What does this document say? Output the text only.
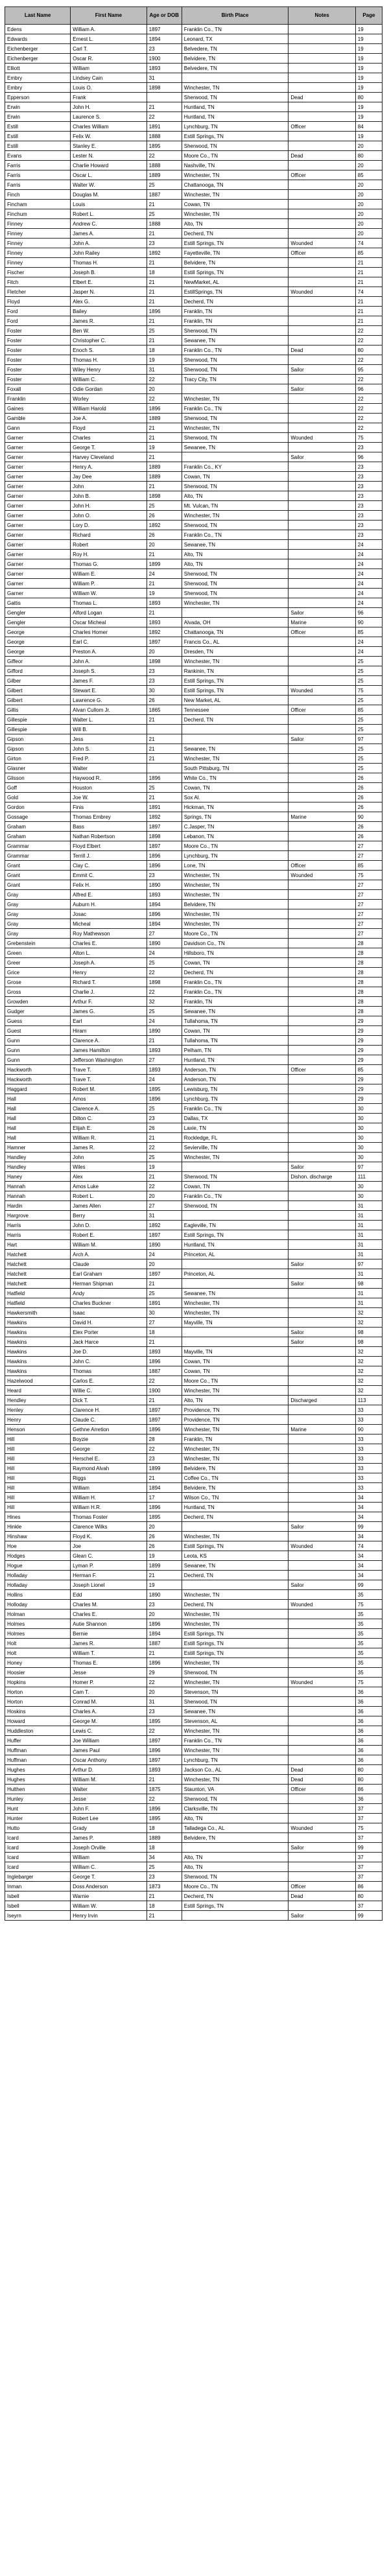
Last Name	First Name	Age or DOB	Birth Place	Notes	Page
Edens	William A.	1897	Franklin Co., TN		19
Edwards	Ernest L.	1894	Leonard, TX		19
Eichenberger	Carl T.	23	Belvedere, TN		19
Eichenberger	Oscar R.	1900	Belvidere, TN		19
Elliott	William	1893	Belvedere, TN		19
Embry	Lindsey Cain	31			19
Embry	Louis O.	1898	Winchester, TN		19
Epperson	Frank		Sherwood, TN	Dead	80
Erwin	John H.	21	Huntland, TN		19
Erwin	Laurence S.	22	Huntland, TN		19
Estill	Charles William	1891	Lynchburg, TN	Officer	84
Estill	Felix W.	1888	Estill Springs, TN		19
Estill	Stanley E.	1895	Sherwood, TN		20
Evans	Lester N.	22	Moore Co., TN	Dead	80
Farris	Charlie Howard	1888	Nashville, TN		20
Farris	Oscar L.	1889	Winchester, TN	Officer	85
Farris	Walter W.	25	Chattanooga, TN		20
Finch	Douglas M.	1887	Winchester, TN		20
Fincham	Louis	21	Cowan, TN		20
Finchum	Robert L.	25	Winchester, TN		20
Finney	Andrew C.	1888	Alto, TN		20
Finney	James A.	21	Decherd, TN		20
Finney	John A.	23	Estill Springs, TN	Wounded	74
Finney	John Railey	1892	Fayetteville, TN	Officer	85
Finney	Thomas H.	21	Belvidere, TN		21
Fischer	Joseph B.	18	Estill Springs, TN		21
Fitch	Elbert E.	21	NewMarket, AL		21
Fletcher	Jasper N.	21	EstillSprings, TN	Wounded	74
Floyd	Alex G.	21	Decherd, TN		21
Ford	Bailey	1896	Franklin, TN		21
Ford	James R.	21	Franklin, TN		21
Foster	Ben W.	25	Sherwood, TN		22
Foster	Christopher C.	21	Sewanee, TN		22
Foster	Enoch S.	18	Franklin Co., TN	Dead	80
Foster	Thomas H.	19	Sherwood, TN		22
Foster	Wiley Henry	31	Sherwood, TN	Sailor	95
Foster	William C.	22	Tracy City, TN		22
Foxall	Odie Gordan	20		Sailor	96
Franklin	Worley	22	Winchester, TN		22
Gaines	William Harold	1896	Franklin Co., TN		22
Gamble	Joe A.	1889	Sherwood, TN		22
Gann	Floyd	21	Winchester, TN		22
Garner	Charles	21	Sherwood, TN	Wounded	75
Garner	George T.	19	Sewanee, TN		23
Garner	Harvey Cleveland	21		Sailor	96
Garner	Henry A.	1889	Franklin Co., KY		23
Garner	Jay Dee	1889	Cowan, TN		23
Garner	John	21	Sherwood, TN		23
Garner	John B.	1898	Alto, TN		23
Garner	John H.	25	Mt. Vulcan, TN		23
Garner	John O.	26	Winchester, TN		23
Garner	Lory D.	1892	Sherwood, TN		23
Garner	Richard	26	Franklin Co., TN		23
Garner	Robert	20	Sewanee, TN		24
Garner	Roy H.	21	Alto, TN		24
Garner	Thomas G.	1899	Alto, TN		24
Garner	William E.	24	Sherwood, TN		24
Garner	William P.	21	Sherwood, TN		24
Garner	William W.	19	Sherwood, TN		24
Gattis	Thomas L.	1893	Winchester, TN		24
Gengler	Alford Logan	21		Sailor	96
Gengler	Oscar Micheal	1893	Alvada, OH	Marine	90
George	Charles Homer	1892	Chattanooga, TN	Officer	85
George	Earl C.	1897	Francis Co., AL		24
George	Preston A.	20	Dresden, TN		24
Giffeor	John A.	1898	Winchester, TN		25
Gifford	Joseph S.	23	Rankinin, TN		25
Gilber	James F.	23	Estill Springs, TN		25
Gilbert	Stewart E.	30	Estill Springs, TN	Wounded	75
Gilbert	Lawrence G.	26	New Market, AL		25
Gillis	Alvan Cullom Jr.	1865	Tennessee	Officer	85
Gillespie	Walter L.	21	Decherd, TN		25
Gillespie	Will B.				25
Gipson	Jess	21		Sailor	97
Gipson	John S.	21	Sewanee, TN		25
Girton	Fred P.	21	Winchester, TN		25
Glasner	Walter		South Pittsburg, TN		25
Glisson	Haywood R.	1896	White Co., TN		26
Goff	Houston	25	Cowan, TN		26
Gold	Joe W.	21	Sox Al.		26
Gordon	Finis	1891	Hickman, TN		26
Gossage	Thomas Embrey	1892	Springs, TN	Marine	90
Graham	Bass	1897	C.Jasper, TN		26
Graham	Nathan Robertson	1898	Lebanon, TN		26
Grammar	Floyd Elbert	1897	Moore Co., TN		27
Grammar	Terrill J.	1896	Lynchburg, TN		27
Grant	Clay C.	1896	Lone, TN	Officer	85
Grant	Emmit C.	23	Winchester, TN	Wounded	75
Grant	Felix H.	1890	Winchester, TN		27
Gray	Alfred E.	1893	Winchester, TN		27
Gray	Auburn H.	1894	Belvidere, TN		27
Gray	Josac	1896	Winchester, TN		27
Gray	Micheal	1894	Winchester, TN		27
Gray	Roy Mathewson	27	Moore Co., TN		27
Grebenstein	Charles E.	1890	Davidson Co., TN		28
Green	Alton L.	24	Hillsboro, TN		28
Greer	Joseph A.	25	Cowan, TN		28
Grice	Henry	22	Decherd, TN		28
Grose	Richard T.	1898	Franklin Co., TN		28
Gross	Charlie J.	22	Franklin Co., TN		28
Growden	Arthur F.	32	Franklin, TN		28
Gudger	James G.	25	Sewanee, TN		28
Guess	Earl	24	Tullahoma, TN		29
Guest	Hiram	1890	Cowan, TN		29
Gunn	Clarence A.	21	Tullahoma, TN		29
Gunn	James Hamilton	1893	Pelham, TN		29
Gunn	Jefferson Washington	27	Huntland, TN		29
Hackworth	Trave T.	1893	Anderson, TN	Officer	85
Hackworth	Trave T.	24	Anderson, TN		29
Haggard	Robert M.	1895	Lewisburg, TN		29
Hall	Amos	1896	Lynchburg, TN		29
Hall	Clarence A.	25	Franklin Co., TN		30
Hall	Dilton C.	23	Dallas, TX		30
Hall	Elijah E.	26	Laxie, TN		30
Hall	William R.	21	Rockledge, FL		30
Hamner	James R.	22	Sevierville, TN		30
Handley	John	25	Winchester, TN		30
Handley	Wiles	19		Sailor	97
Haney	Alex	21	Sherwood, TN	Dishon. discharge	111
Hannah	Amos Luke	22	Cowan, TN		30
Hannah	Robert L.	20	Franklin Co., TN		30
Hardin	James Allen	27	Sherwood, TN		31
Hargrove	Berry	31			31
Harris	John D.	1892	Eagleville, TN		31
Harris	Robert E.	1897	Estill Springs, TN		31
Hart	William M.	1890	Huntland, TN		31
Hatchett	Arch A.	24	Princeton, AL		31
Hatchett	Claude	20		Sailor	97
Hatchett	Earl Graham	1897	Princeton, AL		31
Hatchett	Herman Shipman	21		Sailor	98
Hatfield	Andy	25	Sewanee, TN		31
Hatfield	Charles Buckner	1891	Winchester, TN		31
Hawkersmith	Isaac	30	Winchester, TN		32
Hawkins	David H.	27	Mayville, TN		32
Hawkins	Elex Porter	18		Sailor	98
Hawkins	Jack Harce	21		Sailor	98
Hawkins	Joe D.	1893	Mayville, TN		32
Hawkins	John C.	1896	Cowan, TN		32
Hawkins	Thomas	1887	Cowan, TN		32
Hazelwood	Carlos E.	22	Moore Co., TN		32
Heard	Willie C.	1900	Winchester, TN		32
Hendley	Dick T.	21	Alto, TN	Discharged	113
Henley	Clarence H.	1897	Providence, TN		33
Henry	Claude C.	1897	Providence, TN		33
Henson	Gethne Arretion	1896	Winchester, TN	Marine	90
Hill	Boyzie	28	Franklin, TN		33
Hill	George	22	Winchester, TN		33
Hill	Herschel E.	23	Winchester, TN		33
Hill	Raymond Alvah	1899	Belvidere, TN		33
Hill	Riggs	21	Coffee Co., TN		33
Hill	William	1894	Belvidere, TN		33
Hill	William H.	17	Wilson Co., TN		34
Hill	William H.R.	1896	Huntland, TN		34
Hines	Thomas Foster	1895	Decherd, TN		34
Hinkle	Clarence Wilks	20		Sailor	99
Hinshaw	Floyd K.	26	Winchester, TN		34
Hoe	Joe	26	Estill Springs, TN	Wounded	74
Hodges	Glean C.	19	Leota, KS		34
Hogue	Lyman P.	1899	Sewanee, TN		34
Holladay	Herman F.	21	Decherd, TN		34
Holladay	Joseph Lionel	19		Sailor	99
Hollins	Edd	1890	Winchester, TN		35
Holloday	Charles M.	23	Decherd, TN	Wounded	75
Holman	Charles E.	20	Winchester, TN		35
Holmes	Autie Shannon	1896	Winchester, TN		35
Holmes	Bernie	1894	Estill Springs, TN		35
Holt	James R.	1887	Estill Springs, TN		35
Holt	William T.	21	Estill Springs, TN		35
Honey	Thomas E.	1896	Winchester, TN		35
Hoosier	Jesse	29	Sherwood, TN		35
Hopkins	Homer P.	22	Winchester, TN	Wounded	75
Horton	Cam T.	20	Stevenson, TN		36
Horton	Conrad M.	31	Sherwood, TN		36
Hoskins	Charles A.	23	Sewanee, TN		36
Howard	George M.	1895	Stevenson, AL		36
Huddleston	Lewis C.	22	Winchester, TN		36
Huffer	Joe William	1897	Franklin Co., TN		36
Huffman	James Paul	1896	Winchester, TN		36
Huffman	Oscar Anthony	1897	Lynchburg, TN		36
Hughes	Arthur D.	1893	Jackson Co., AL	Dead	80
Hughes	William M.	21	Winchester, TN	Dead	80
Hulthen	Walter	1875	Staunton, VA	Officer	86
Hunley	Jesse	22	Sherwood, TN		36
Hunt	John F.	1896	Clarksville, TN		37
Hunter	Robert Lee	1895	Alto, TN		37
Hutto	Grady	18	Talladega Co., AL	Wounded	75
Icard	James P.	1889	Belvidere, TN		37
Icard	Joseph Orville	18		Sailor	99
Icard	William	34	Alto, TN		37
Icard	William C.	25	Alto, TN		37
Inglebarger	George T.	23	Sherwood, TN		37
Inman	Doss Anderson	1873	Moore Co., TN	Officer	86
Isbell	Warnie	21	Decherd, TN	Dead	80
Isbell	William W.	18	Estill Springs, TN		37
Iseyrn	Henry Irvin	21		Sailor	99
